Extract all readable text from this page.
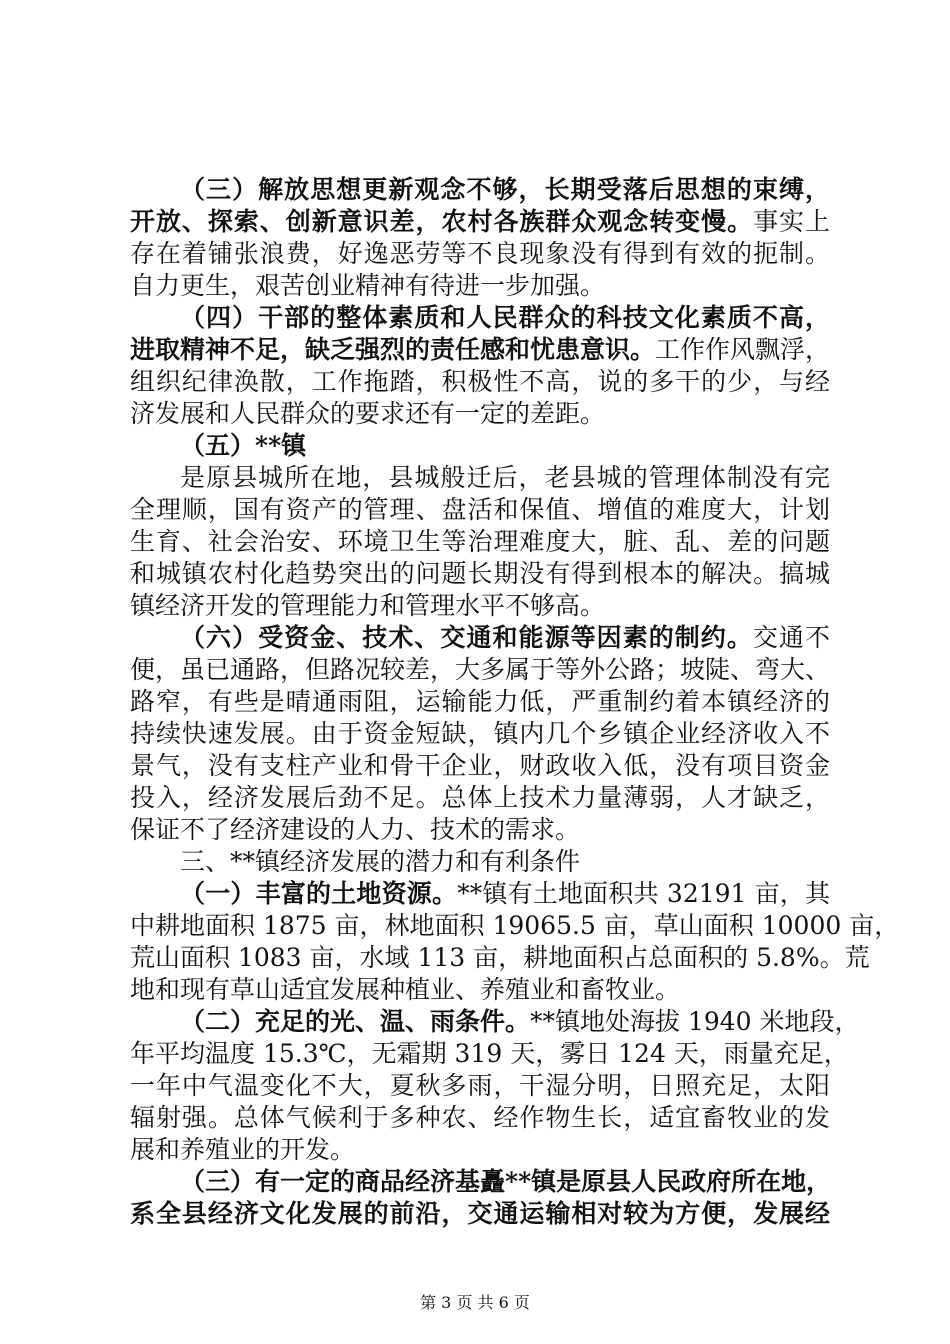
（三）解放思想更新观念不够，长期受落后思想的束缚，
开放、探索、创新意识差，农村各族群众观念转变慢。事实上
存在着铺张浪费，好逸恶劳等不良现象没有得到有效的扼制。
自力更生，艰苦创业精神有待进一步加强。
（四）干部的整体素质和人民群众的科技文化素质不高，
进取精神不足，缺乏强烈的责任感和忧患意识。工作作风飘浮，
组织纪律涣散，工作拖踏，积极性不高，说的多干的少，与经
济发展和人民群众的要求还有一定的差距。
（五）**镇
是原县城所在地，县城般迁后，老县城的管理体制没有完
全理顺，国有资产的管理、盘活和保值、增值的难度大，计划
生育、社会治安、环境卫生等治理难度大，脏、乱、差的问题
和城镇农村化趋势突出的问题长期没有得到根本的解决。搞城
镇经济开发的管理能力和管理水平不够高。
（六）受资金、技术、交通和能源等因素的制约。交通不
便，虽已通路，但路况较差，大多属于等外公路；坡陡、弯大、
路窄，有些是晴通雨阻，运输能力低，严重制约着本镇经济的
持续快速发展。由于资金短缺，镇内几个乡镇企业经济收入不
景气，没有支柱产业和骨干企业，财政收入低，没有项目资金
投入，经济发展后劲不足。总体上技术力量薄弱，人才缺乏，
保证不了经济建设的人力、技术的需求。
三、**镇经济发展的潜力和有利条件
（一）丰富的土地资源。**镇有土地面积共 32191 亩，其
中耕地面积 1875 亩，林地面积 19065.5 亩，草山面积 10000 亩，
荒山面积 1083 亩，水域 113 亩，耕地面积占总面积的 5.8%。荒
地和现有草山适宜发展种植业、养殖业和畜牧业。
（二）充足的光、温、雨条件。**镇地处海拔 1940 米地段，
年平均温度 15.3℃，无霜期 319 天，雾日 124 天，雨量充足，
一年中气温变化不大，夏秋多雨，干湿分明，日照充足，太阳
辐射强。总体气候利于多种农、经作物生长，适宜畜牧业的发
展和养殖业的开发。
（三）有一定的商品经济基矗**镇是原县人民政府所在地，
系全县经济文化发展的前沿，交通运输相对较为方便，发展经
第 3 页 共 6 页
